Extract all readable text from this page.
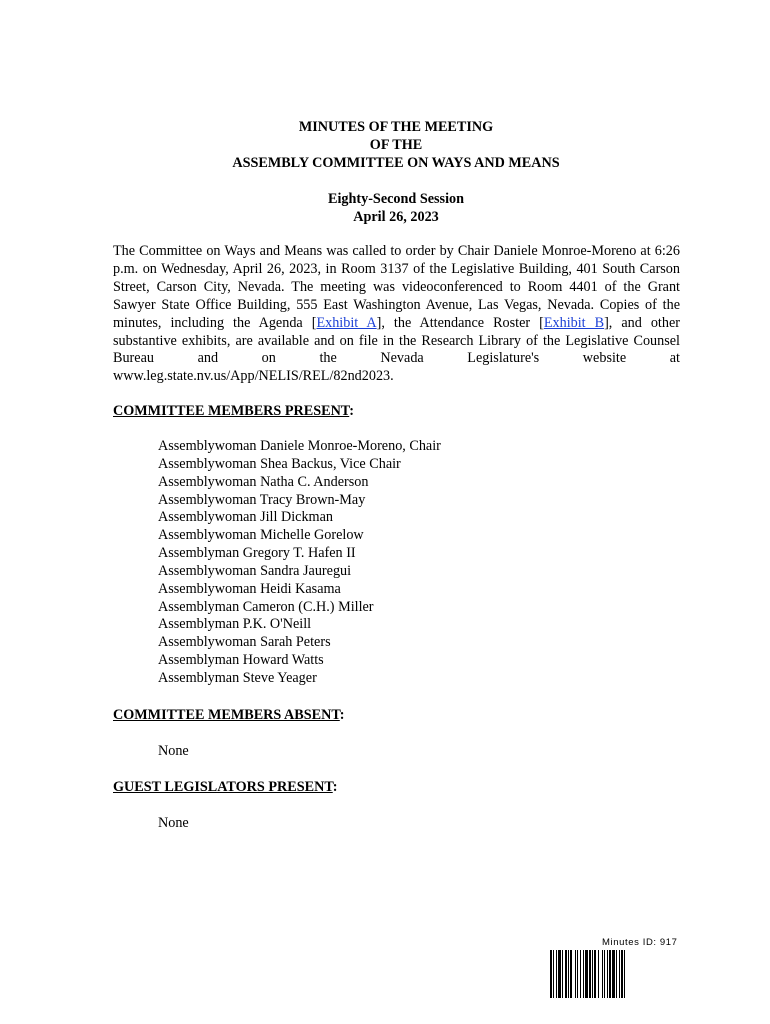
MINUTES OF THE MEETING
OF THE
ASSEMBLY COMMITTEE ON WAYS AND MEANS
Eighty-Second Session
April 26, 2023
The Committee on Ways and Means was called to order by Chair Daniele Monroe-Moreno at 6:26 p.m. on Wednesday, April 26, 2023, in Room 3137 of the Legislative Building, 401 South Carson Street, Carson City, Nevada. The meeting was videoconferenced to Room 4401 of the Grant Sawyer State Office Building, 555 East Washington Avenue, Las Vegas, Nevada. Copies of the minutes, including the Agenda [Exhibit A], the Attendance Roster [Exhibit B], and other substantive exhibits, are available and on file in the Research Library of the Legislative Counsel Bureau and on the Nevada Legislature's website at www.leg.state.nv.us/App/NELIS/REL/82nd2023.
COMMITTEE MEMBERS PRESENT:
Assemblywoman Daniele Monroe-Moreno, Chair
Assemblywoman Shea Backus, Vice Chair
Assemblywoman Natha C. Anderson
Assemblywoman Tracy Brown-May
Assemblywoman Jill Dickman
Assemblywoman Michelle Gorelow
Assemblyman Gregory T. Hafen II
Assemblywoman Sandra Jauregui
Assemblywoman Heidi Kasama
Assemblyman Cameron (C.H.) Miller
Assemblyman P.K. O'Neill
Assemblywoman Sarah Peters
Assemblyman Howard Watts
Assemblyman Steve Yeager
COMMITTEE MEMBERS ABSENT:
None
GUEST LEGISLATORS PRESENT:
None
Minutes ID: 917
